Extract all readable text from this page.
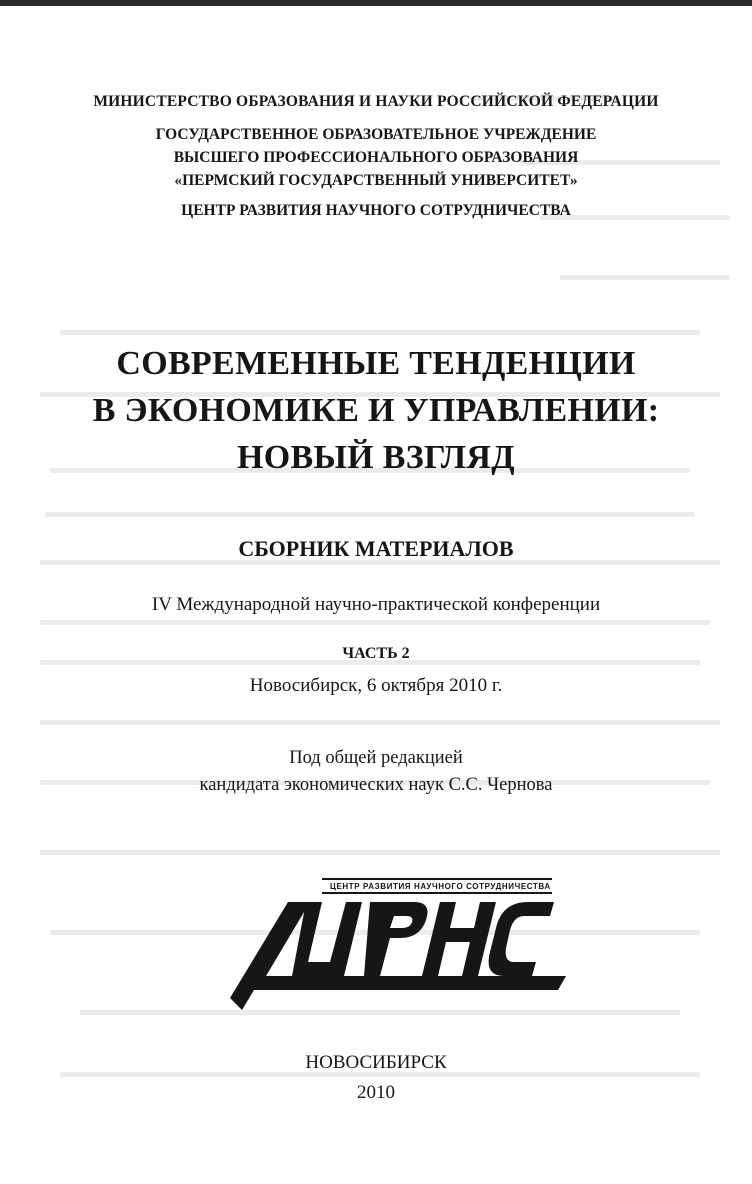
МИНИСТЕРСТВО ОБРАЗОВАНИЯ И НАУКИ РОССИЙСКОЙ ФЕДЕРАЦИИ
ГОСУДАРСТВЕННОЕ ОБРАЗОВАТЕЛЬНОЕ УЧРЕЖДЕНИЕ
ВЫСШЕГО ПРОФЕССИОНАЛЬНОГО ОБРАЗОВАНИЯ
«ПЕРМСКИЙ ГОСУДАРСТВЕННЫЙ УНИВЕРСИТЕТ»
ЦЕНТР РАЗВИТИЯ НАУЧНОГО СОТРУДНИЧЕСТВА
СОВРЕМЕННЫЕ ТЕНДЕНЦИИ
В ЭКОНОМИКЕ И УПРАВЛЕНИИ:
НОВЫЙ ВЗГЛЯД
СБОРНИК МАТЕРИАЛОВ
IV Международной научно-практической конференции
ЧАСТЬ 2
Новосибирск, 6 октября 2010 г.
Под общей редакцией
кандидата экономических наук С.С. Чернова
ЦРНС
ЦЕНТР РАЗВИТИЯ НАУЧНОГО СОТРУДНИЧЕСТВА
НОВОСИБИРСК
2010
